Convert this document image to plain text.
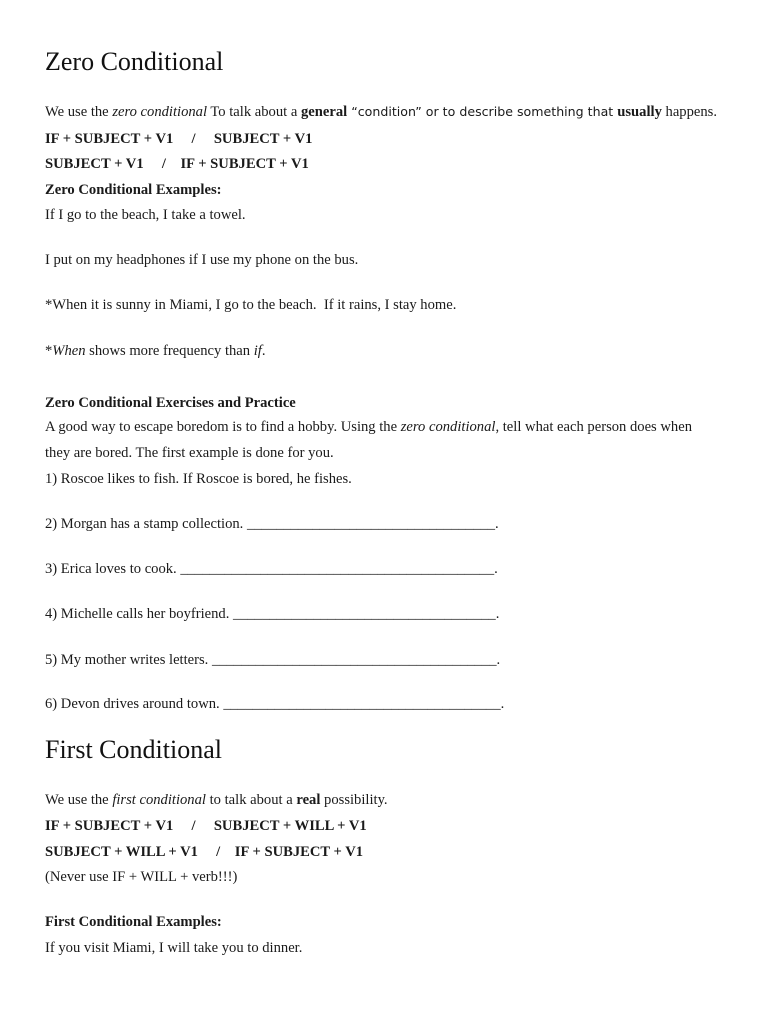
Zero Conditional
We use the zero conditional To talk about a general “condition” or to describe something that usually happens.
IF + SUBJECT + V1     /     SUBJECT + V1
SUBJECT + V1     /    IF + SUBJECT + V1
Zero Conditional Examples:
If I go to the beach, I take a towel.
I put on my headphones if I use my phone on the bus.
*When it is sunny in Miami, I go to the beach.  If it rains, I stay home.
*When shows more frequency than if.
Zero Conditional Exercises and Practice
A good way to escape boredom is to find a hobby. Using the zero conditional, tell what each person does when
they are bored. The first example is done for you.
1) Roscoe likes to fish. If Roscoe is bored, he fishes.
2) Morgan has a stamp collection. __________________________________.
3) Erica loves to cook. ___________________________________________.
4) Michelle calls her boyfriend. ____________________________________.
5) My mother writes letters. _______________________________________.
6) Devon drives around town. ______________________________________.
First Conditional
We use the first conditional to talk about a real possibility.
IF + SUBJECT + V1     /     SUBJECT + WILL + V1
SUBJECT + WILL + V1     /    IF + SUBJECT + V1
(Never use IF + WILL + verb!!!)
First Conditional Examples:
If you visit Miami, I will take you to dinner.
